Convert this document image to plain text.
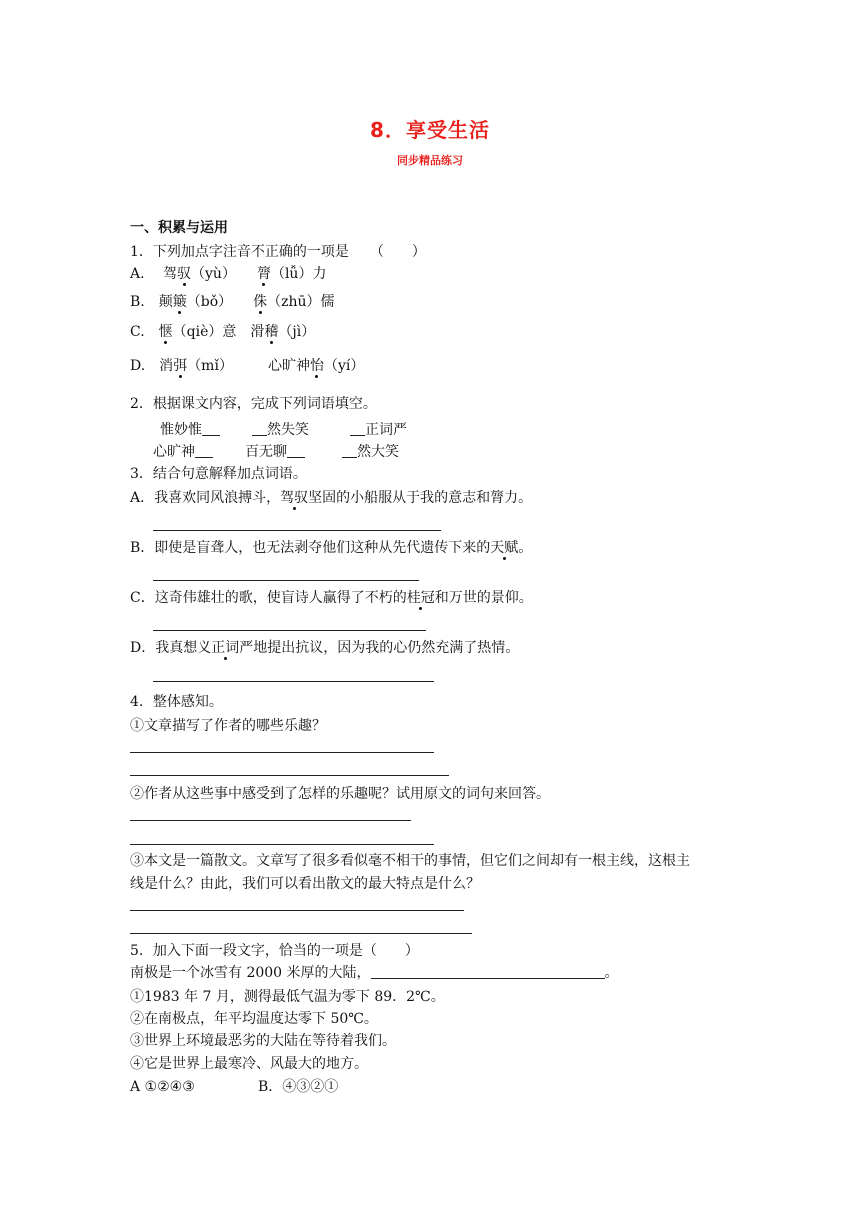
8．享受生活
同步精品练习
一、积累与运用
1．下列加点字注音不正确的一项是　　（　　）
A.　 驾驭（yù）　　膂（lǚ）力
B.　颠簸（bǒ）　　侏（zhū）儒
C.　惬（qiè）意　滑稽（jì）
D.　消弭（mǐ）　　　心旷神怡（yí）
2．根据课文内容，完成下列词语填空。
惟妙惟	然失笑	正词严
心旷神	百无聊	然大笑
3．结合句意解释加点词语。
A．我喜欢同风浪搏斗，驾驭坚固的小船服从于我的意志和膂力。
B．即使是盲聋人，也无法剥夺他们这种从先代遗传下来的天赋。
C．这奇伟雄壮的歌，使盲诗人赢得了不朽的桂冠和万世的景仰。
D．我真想义正词严地提出抗议，因为我的心仍然充满了热情。
4．整体感知。
①文章描写了作者的哪些乐趣？
②作者从这些事中感受到了怎样的乐趣呢？试用原文的词句来回答。
③本文是一篇散文。文章写了很多看似毫不相干的事情，但它们之间却有一根主线，这根主
线是什么？由此，我们可以看出散文的最大特点是什么？
5．加入下面一段文字，恰当的一项是（　　）
南极是一个冰雪有 2000 米厚的大陆，	。
①1983 年 7 月，测得最低气温为零下 89．2℃。
②在南极点，年平均温度达零下 50℃。
③世界上环境最恶劣的大陆在等待着我们。
④它是世界上最寒冷、风最大的地方。
A ①②④③	B．④③②①
